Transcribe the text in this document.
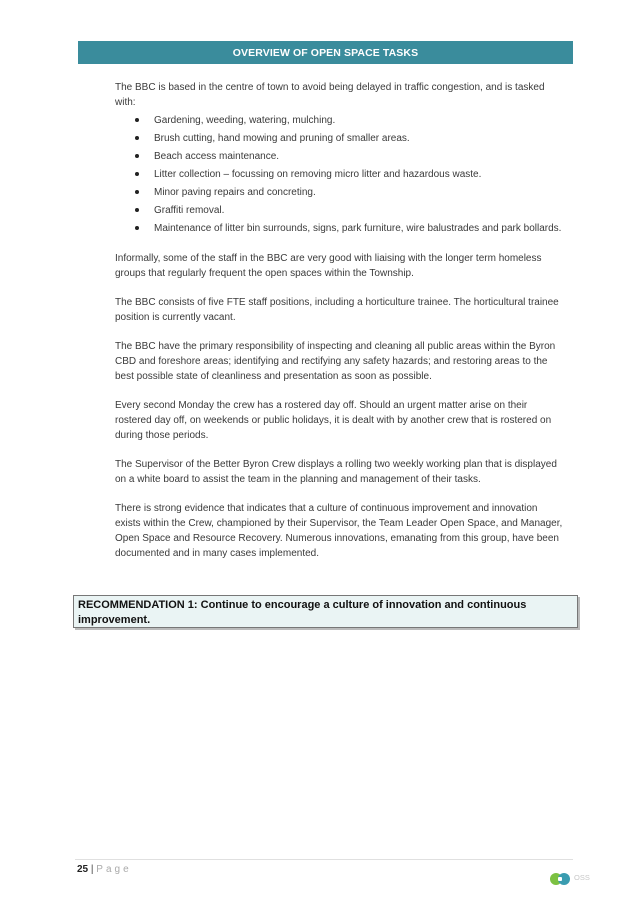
OVERVIEW OF OPEN SPACE TASKS

The BBC is based in the centre of town to avoid being delayed in traffic congestion, and is tasked with:

Gardening, weeding, watering, mulching.
Brush cutting, hand mowing and pruning of smaller areas.
Beach access maintenance.
Litter collection – focussing on removing micro litter and hazardous waste.
Minor paving repairs and concreting.
Graffiti removal.
Maintenance of litter bin surrounds, signs, park furniture, wire balustrades and park bollards.

Informally, some of the staff in the BBC are very good with liaising with the longer term homeless groups that regularly frequent the open spaces within the Township.

The BBC consists of five FTE staff positions, including a horticulture trainee. The horticultural trainee position is currently vacant.

The BBC have the primary responsibility of inspecting and cleaning all public areas within the Byron CBD and foreshore areas; identifying and rectifying any safety hazards; and restoring areas to the best possible state of cleanliness and presentation as soon as possible.

Every second Monday the crew has a rostered day off. Should an urgent matter arise on their rostered day off, on weekends or public holidays, it is dealt with by another crew that is rostered on during those periods.

The Supervisor of the Better Byron Crew displays a rolling two weekly working plan that is displayed on a white board to assist the team in the planning and management of their tasks.

There is strong evidence that indicates that a culture of continuous improvement and innovation exists within the Crew, championed by their Supervisor, the Team Leader Open Space, and Manager, Open Space and Resource Recovery. Numerous innovations, emanating from this group, have been documented and in many cases implemented.

RECOMMENDATION 1: Continue to encourage a culture of innovation and continuous improvement.
25 | Page
OSS
